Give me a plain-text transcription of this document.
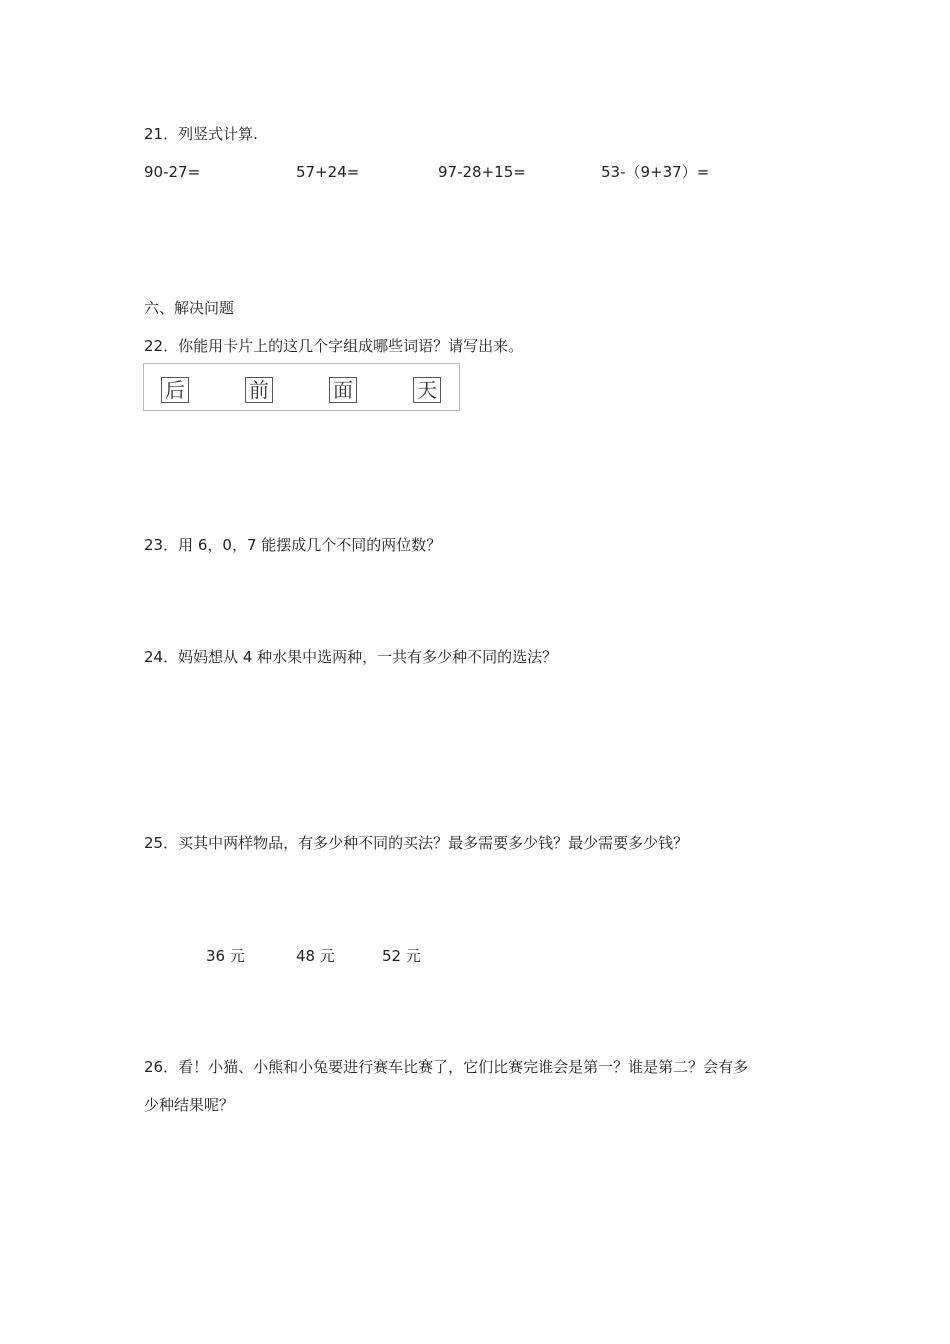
21．列竖式计算.
90-27=	57+24=	97-28+15=	53-（9+37）=
六、解决问题
22．你能用卡片上的这几个字组成哪些词语？请写出来。
后	前	面	天
23．用 6，0，7 能摆成几个不同的两位数？
24．妈妈想从 4 种水果中选两种，一共有多少种不同的选法？
25．买其中两样物品，有多少种不同的买法？最多需要多少钱？最少需要多少钱？
36 元	48 元	52 元
26．看！小猫、小熊和小兔要进行赛车比赛了，它们比赛完谁会是第一？谁是第二？会有多
少种结果呢？
